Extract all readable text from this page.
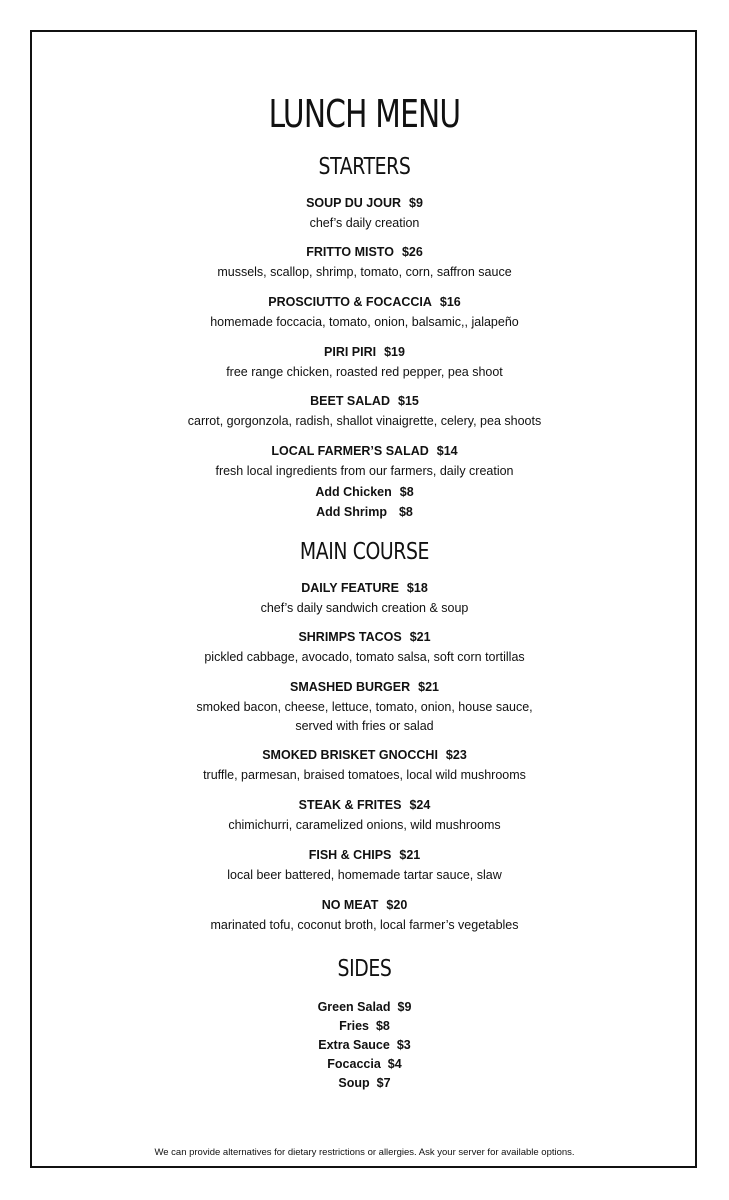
LUNCH MENU
STARTERS
SOUP DU JOUR $9
chef’s daily creation
FRITTO MISTO $26
mussels, scallop, shrimp, tomato, corn, saffron sauce
PROSCIUTTO & FOCACCIA $16
homemade foccacia, tomato, onion, balsamic,, jalapeño
PIRI PIRI $19
free range chicken, roasted red pepper, pea shoot
BEET SALAD $15
carrot, gorgonzola, radish, shallot vinaigrette, celery, pea shoots
LOCAL FARMER’S SALAD $14
fresh local ingredients from our farmers, daily creation
Add Chicken $8
Add Shrimp $8
MAIN COURSE
DAILY FEATURE $18
chef’s daily sandwich creation & soup
SHRIMPS TACOS $21
pickled cabbage, avocado, tomato salsa, soft corn tortillas
SMASHED BURGER $21
smoked bacon, cheese, lettuce, tomato, onion, house sauce,
served with fries or salad
SMOKED BRISKET GNOCCHI $23
truffle, parmesan, braised tomatoes, local wild mushrooms
STEAK & FRITES $24
chimichurri, caramelized onions, wild mushrooms
FISH & CHIPS $21
local beer battered, homemade tartar sauce, slaw
NO MEAT $20
marinated tofu, coconut broth, local farmer’s vegetables
SIDES
Green Salad $9
Fries $8
Extra Sauce $3
Focaccia $4
Soup $7
We can provide alternatives for dietary restrictions or allergies. Ask your server for available options.
